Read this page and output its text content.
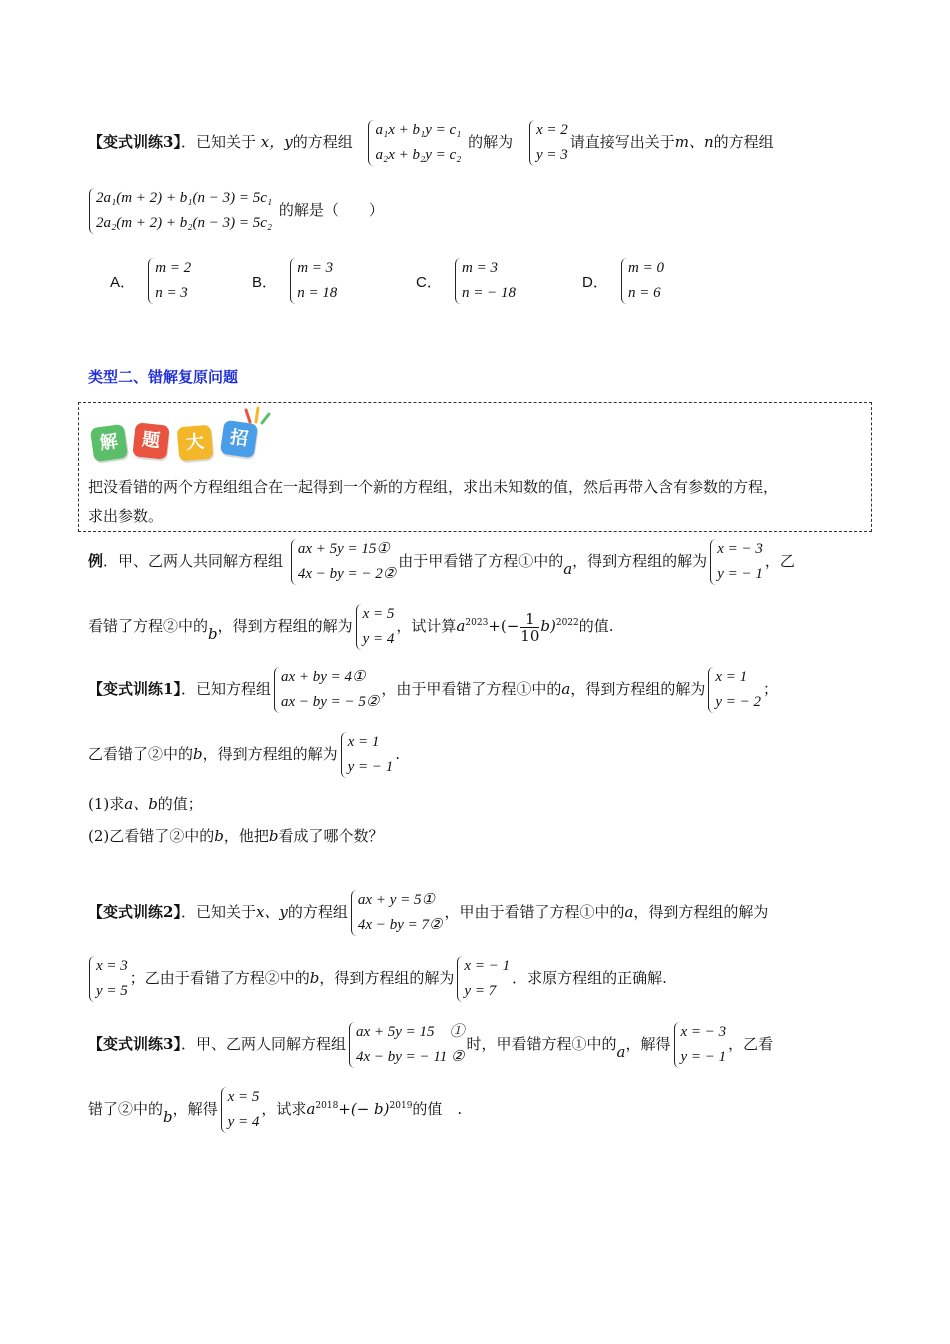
【变式训练3】．已知关于 x，y的方程组
a₁x + b₁y = c₁
a₂x + b₂y = c₂
的解为
x = 2
y = 3
请直接写出关于m、n的方程组
2a₁(m + 2) + b₁(n − 3) = 5c₁
2a₂(m + 2) + b₂(n − 3) = 5c₂
的解是（　　）
A．
m = 2
n = 3
B．
m = 3
n = 18
C．
m = 3
n = − 18
D．
m = 0
n = 6
类型二、错解复原问题
解	题	大	招
把没看错的两个方程组组合在一起得到一个新的方程组，求出未知数的值，然后再带入含有参数的方程，
求出参数。
例．甲、乙两人共同解方程组
ax + 5y = 15①
4x − by = − 2②
由于甲看错了方程①中的a，得到方程组的解为
x = − 3
y = − 1
，乙
看错了方程②中的b，得到方程组的解为
x = 5
y = 4
，试计算$a^{2023}+(- \frac{1}{10} b)^{2022}$的值.
【变式训练1】．已知方程组
ax + by = 4①
ax − by = − 5②
，由于甲看错了方程①中的a，得到方程组的解为
x = 1
y = − 2
；
乙看错了②中的b，得到方程组的解为
x = 1
y = − 1
.
(1)求a、b的值；
(2)乙看错了②中的b，他把b看成了哪个数？
【变式训练2】．已知关于x、y的方程组
ax + y = 5①
4x − by = 7②
，甲由于看错了方程①中的a，得到方程组的解为
x = 3
y = 5
；乙由于看错了方程②中的b，得到方程组的解为
x = − 1
y = 7
．求原方程组的正确解.
【变式训练3】．甲、乙两人同解方程组
ax + 5y = 15　①
4x − by = − 11 ②
时，甲看错方程①中的a，解得
x = − 3
y = − 1
，乙看
错了②中的b，解得
x = 5
y = 4
，试求$a^{2018}+(- b)^{2019}$的值　.
